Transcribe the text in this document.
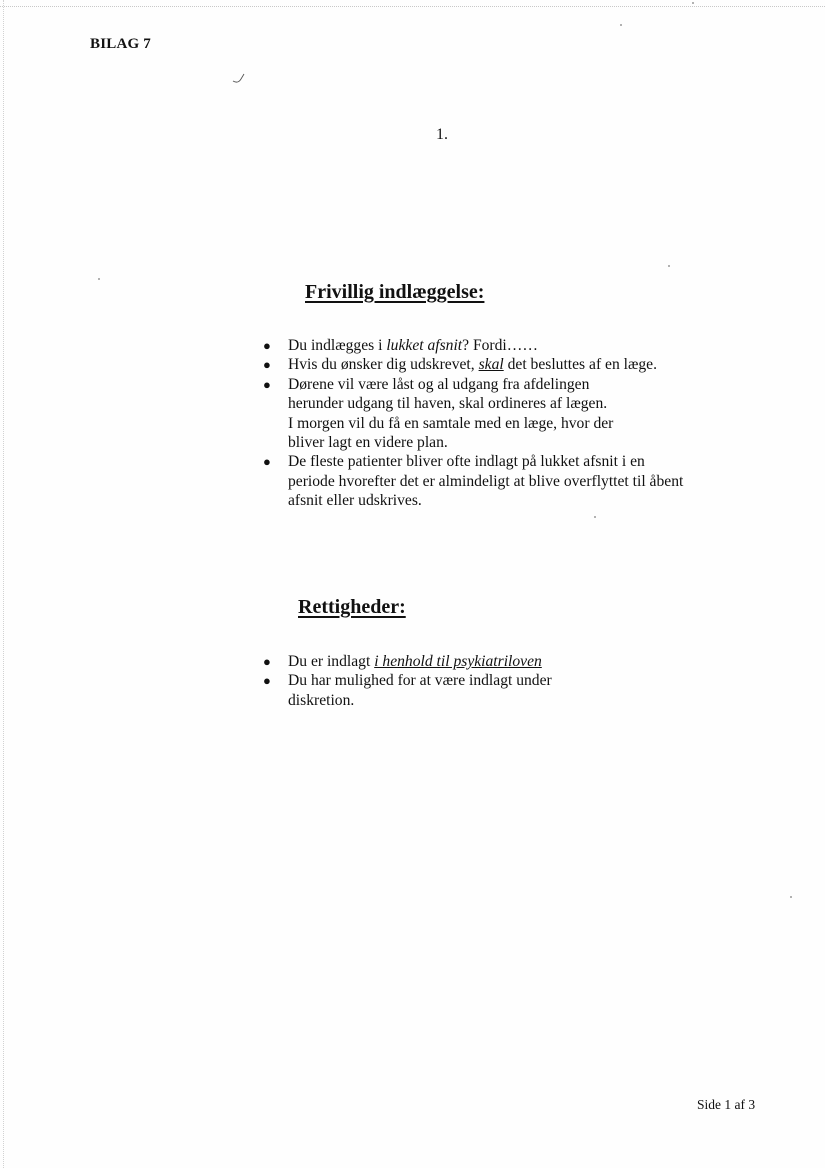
BILAG 7
1.
Frivillig indlæggelse:
● Du indlægges i lukket afsnit? Fordi……
● Hvis du ønsker dig udskrevet, skal det besluttes af en læge.
● Dørene vil være låst og al udgang fra afdelingen
herunder udgang til haven, skal ordineres af lægen.
I morgen vil du få en samtale med en læge, hvor der
bliver lagt en videre plan.
● De fleste patienter bliver ofte indlagt på lukket afsnit i en
periode hvorefter det er almindeligt at blive overflyttet til åbent
afsnit eller udskrives.
Rettigheder:
● Du er indlagt i henhold til psykiatriloven
● Du har mulighed for at være indlagt under
diskretion.
Side 1 af 3
